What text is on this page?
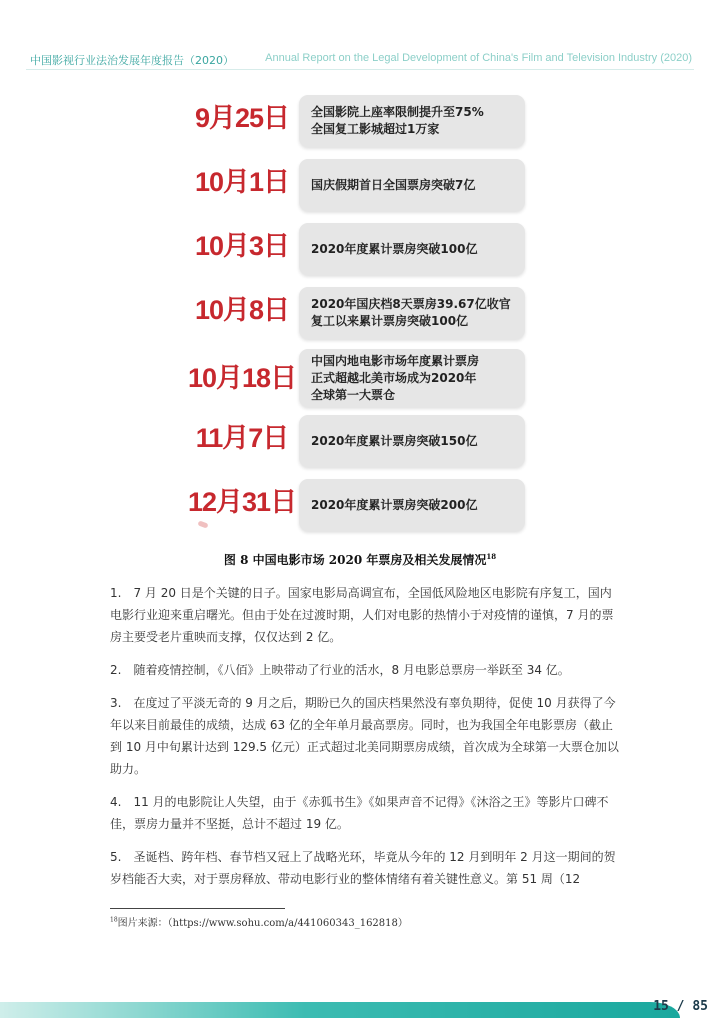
中国影视行业法治发展年度报告（2020）	Annual Report on the Legal Development of China's Film and Television Industry (2020)
9月25日	全国影院上座率限制提升至75%
全国复工影城超过1万家
10月1日	国庆假期首日全国票房突破7亿
10月3日	2020年度累计票房突破100亿
10月8日	2020年国庆档8天票房39.67亿收官
复工以来累计票房突破100亿
10月18日
中国内地电影市场年度累计票房
正式超越北美市场成为2020年
全球第一大票仓
11月7日	2020年度累计票房突破150亿
12月31日 2020年度累计票房突破200亿
图 8 中国电影市场 2020 年票房及相关发展情况$^{18}$

1.　7 月 20 日是个关键的日子。国家电影局高调宣布，全国低风险地区电影院有序复工，国内电影行业迎来重启曙光。但由于处在过渡时期，人们对电影的热情小于对疫情的谨慎，7 月的票房主要受老片重映而支撑，仅仅达到 2 亿。

2.　随着疫情控制，《八佰》上映带动了行业的活水，8 月电影总票房一举跃至 34 亿。

3.　在度过了平淡无奇的 9 月之后，期盼已久的国庆档果然没有辜负期待，促使 10 月获得了今年以来目前最佳的成绩，达成 63 亿的全年单月最高票房。同时，也为我国全年电影票房（截止到 10 月中旬累计达到 129.5 亿元）正式超过北美同期票房成绩，首次成为全球第一大票仓加以助力。

4.　11 月的电影院让人失望，由于《赤狐书生》《如果声音不记得》《沐浴之王》等影片口碑不佳，票房力量并不坚挺，总计不超过 19 亿。

5.　圣诞档、跨年档、春节档又冠上了战略光环，毕竟从今年的 12 月到明年 2 月这一期间的贺岁档能否大卖，对于票房释放、带动电影行业的整体情绪有着关键性意义。第 51 周（12

$^{18}$图片来源：（https://www.sohu.com/a/441060343_162818）
15 / 85
